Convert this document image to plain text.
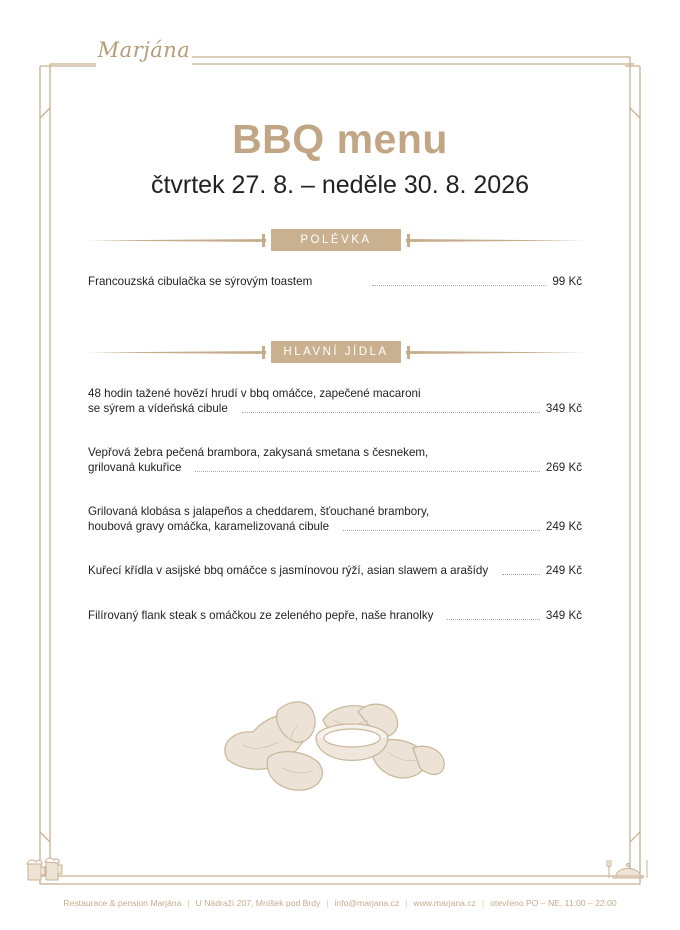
Marjána
BBQ menu
čtvrtek 27. 8. – neděle 30. 8. 2026
POLÉVKA
Francouzská cibulačka se sýrovým toastem	99 Kč
HLAVNÍ JÍDLA
48 hodin tažené hovězí hrudí v bbq omáčce, zapečené macaroni
se sýrem a vídeňská cibule	349 Kč
Vepřová žebra pečená brambora, zakysaná smetana s česnekem,
grilovaná kukuřice	269 Kč
Grilovaná klobása s jalapeños a cheddarem, šťouchané brambory,
houbová gravy omáčka, karamelizovaná cibule	249 Kč
Kuřecí křídla v asijské bbq omáčce s jasmínovou rýží, asian slawem a arašídy	249 Kč
Filírovaný flank steak s omáčkou ze zeleného pepře, naše hranolky	349 Kč
Restaurace & pension Marjána | U Nádraží 207, Mníšek pod Brdy | info@marjana.cz | www.marjana.cz | otevřeno PO – NE, 11:00 – 22:00
